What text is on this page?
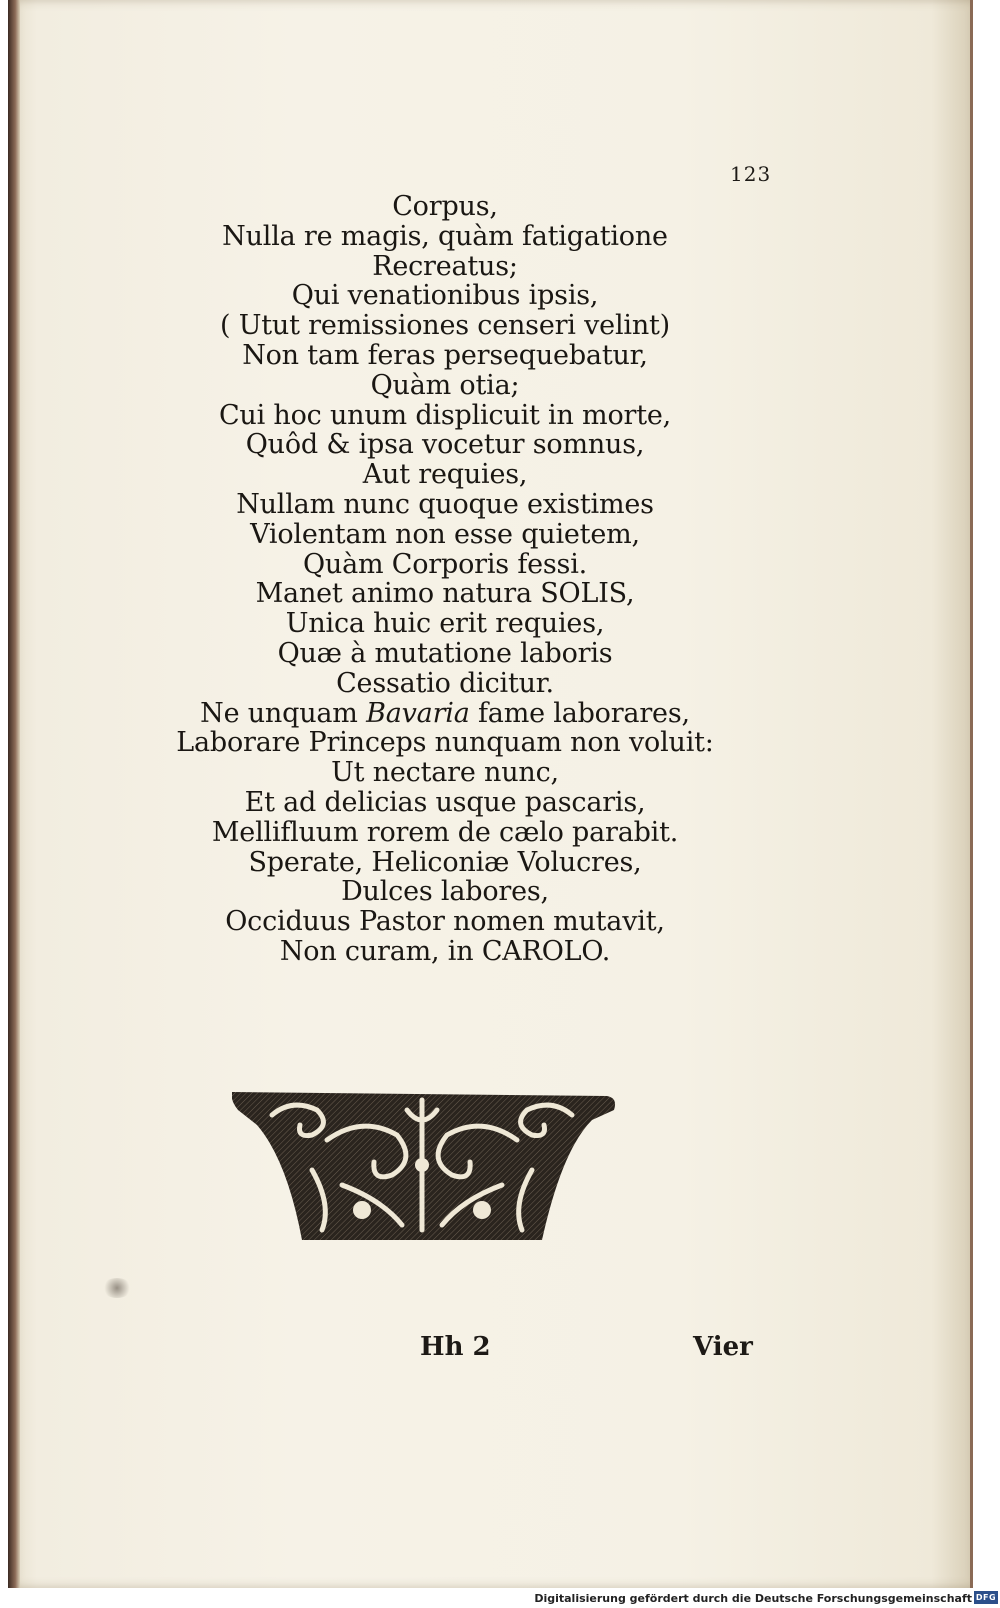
123
Corpus,
Nulla re magis, quàm fatigatione
Recreatus;
Qui venationibus ipsis,
( Utut remissiones censeri velint)
Non tam feras persequebatur,
Quàm otia;
Cui hoc unum displicuit in morte,
Quôd & ipsa vocetur somnus,
Aut requies,
Nullam nunc quoque existimes
Violentam non esse quietem,
Quàm Corporis fessi.
Manet animo natura SOLIS,
Unica huic erit requies,
Quæ à mutatione laboris
Cessatio dicitur.
Ne unquam Bavaria fame laborares,
Laborare Princeps nunquam non voluit:
Ut nectare nunc,
Et ad delicias usque pascaris,
Mellifluum rorem de cælo parabit.
Sperate, Heliconiæ Volucres,
Dulces labores,
Occiduus Pastor nomen mutavit,
Non curam, in CAROLO.
Hh 2	Vier
Digitalisierung gefördert durch die Deutsche Forschungsgemeinschaft DFG
